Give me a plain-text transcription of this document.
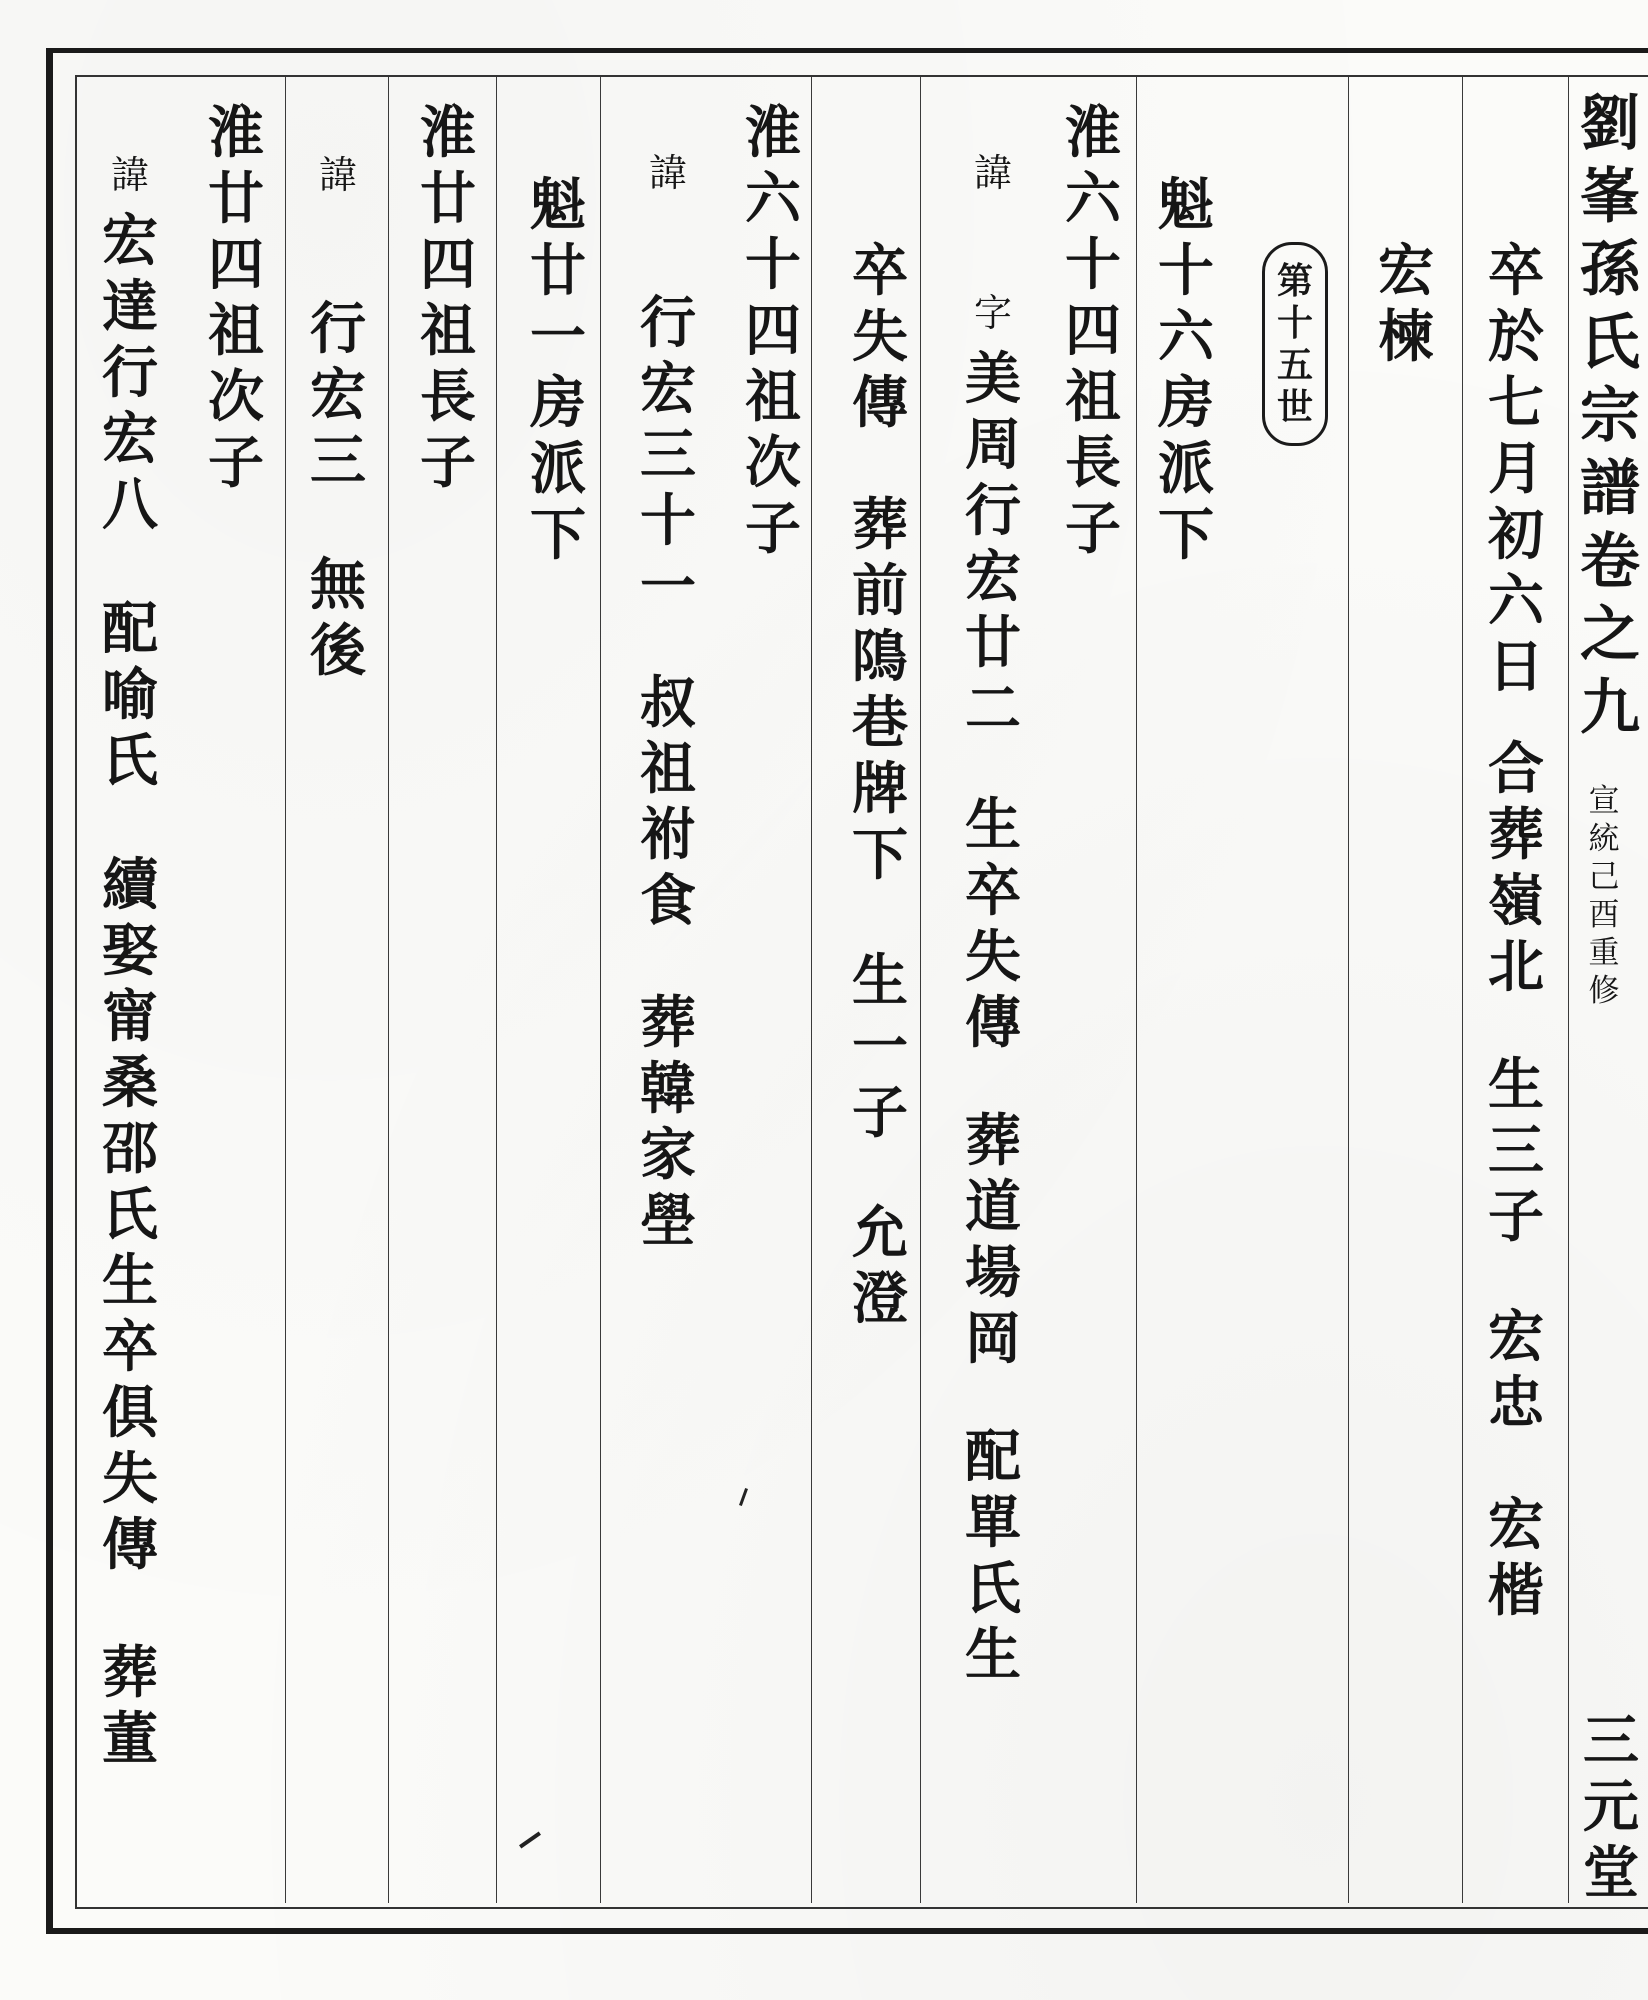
劉
峯
孫
氏
宗
譜
卷
之
九
宣
統
己
酉
重
修
三
元
堂
第
十
五
世
卒
於
七
月
初
六
日
合
葬
嶺
北
生
三
子
宏
忠
宏
楷
宏
楝
魁
十
六
房
派
下
淮
六
十
四
祖
長
子
諱
字
美
周
行
宏
廿
二
生
卒
失
傳
葬
道
場
岡
配
單
氏
生
卒
失
傳
葬
前
隝
巷
牌
下
生
一
子
允
澄
淮
六
十
四
祖
次
子
諱
行
宏
三
十
一
叔
祖
祔
食
葬
韓
家
壆
魁
廿
一
房
派
下
淮
廿
四
祖
長
子
諱
行
宏
三
無
後
淮
廿
四
祖
次
子
諱
宏
達
行
宏
八
配
喻
氏
續
娶
甯
桑
邵
氏
生
卒
俱
失
傳
葬
董
